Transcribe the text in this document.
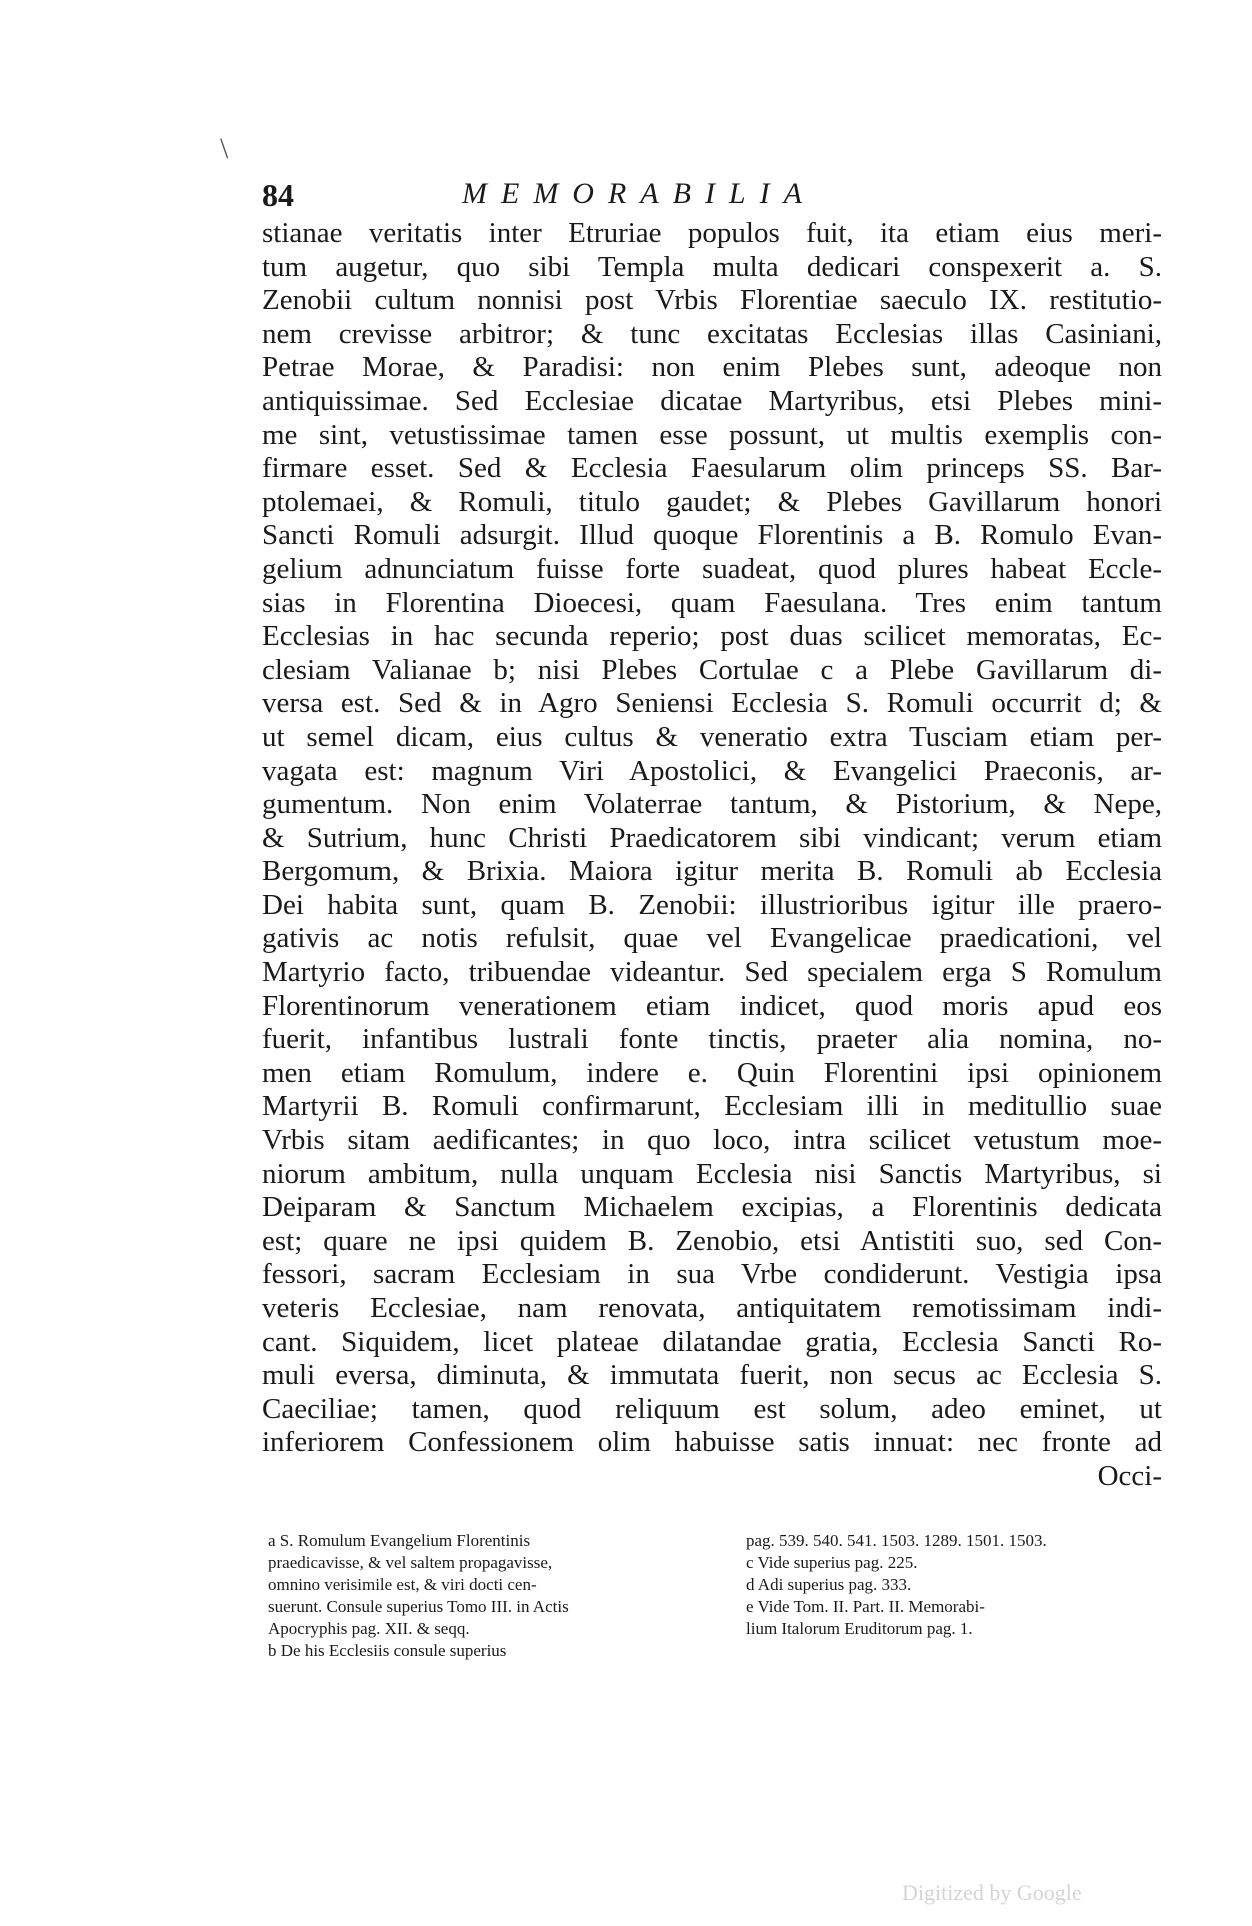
\
84	MEMORABILIA
stianae veritatis inter Etruriae populos fuit, ita etiam eius meri-
tum augetur, quo sibi Templa multa dedicari conspexerit a. S.
Zenobii cultum nonnisi post Vrbis Florentiae saeculo IX. restitutio-
nem crevisse arbitror; & tunc excitatas Ecclesias illas Casiniani,
Petrae Morae, & Paradisi: non enim Plebes sunt, adeoque non
antiquissimae. Sed Ecclesiae dicatae Martyribus, etsi Plebes mini-
me sint, vetustissimae tamen esse possunt, ut multis exemplis con-
firmare esset. Sed & Ecclesia Faesularum olim princeps SS. Bar-
ptolemaei, & Romuli, titulo gaudet; & Plebes Gavillarum honori
Sancti Romuli adsurgit. Illud quoque Florentinis a B. Romulo Evan-
gelium adnunciatum fuisse forte suadeat, quod plures habeat Eccle-
sias in Florentina Dioecesi, quam Faesulana. Tres enim tantum
Ecclesias in hac secunda reperio; post duas scilicet memoratas, Ec-
clesiam Valianae b; nisi Plebes Cortulae c a Plebe Gavillarum di-
versa est. Sed & in Agro Seniensi Ecclesia S. Romuli occurrit d; &
ut semel dicam, eius cultus & veneratio extra Tusciam etiam per-
vagata est: magnum Viri Apostolici, & Evangelici Praeconis, ar-
gumentum. Non enim Volaterrae tantum, & Pistorium, & Nepe,
& Sutrium, hunc Christi Praedicatorem sibi vindicant; verum etiam
Bergomum, & Brixia. Maiora igitur merita B. Romuli ab Ecclesia
Dei habita sunt, quam B. Zenobii: illustrioribus igitur ille praero-
gativis ac notis refulsit, quae vel Evangelicae praedicationi, vel
Martyrio facto, tribuendae videantur. Sed specialem erga S Romulum
Florentinorum venerationem etiam indicet, quod moris apud eos
fuerit, infantibus lustrali fonte tinctis, praeter alia nomina, no-
men etiam Romulum, indere e. Quin Florentini ipsi opinionem
Martyrii B. Romuli confirmarunt, Ecclesiam illi in meditullio suae
Vrbis sitam aedificantes; in quo loco, intra scilicet vetustum moe-
niorum ambitum, nulla unquam Ecclesia nisi Sanctis Martyribus, si
Deiparam & Sanctum Michaelem excipias, a Florentinis dedicata
est; quare ne ipsi quidem B. Zenobio, etsi Antistiti suo, sed Con-
fessori, sacram Ecclesiam in sua Vrbe condiderunt. Vestigia ipsa
veteris Ecclesiae, nam renovata, antiquitatem remotissimam indi-
cant. Siquidem, licet plateae dilatandae gratia, Ecclesia Sancti Ro-
muli eversa, diminuta, & immutata fuerit, non secus ac Ecclesia S.
Caeciliae; tamen, quod reliquum est solum, adeo eminet, ut
inferiorem Confessionem olim habuisse satis innuat: nec fronte ad
Occi-
a S. Romulum Evangelium Florentinis
praedicavisse, & vel saltem propagavisse,
omnino verisimile est, & viri docti cen-
suerunt. Consule superius Tomo III. in Actis
Apocryphis pag. XII. & seqq.
b De his Ecclesiis consule superius
pag. 539. 540. 541. 1503. 1289. 1501. 1503.
c Vide superius pag. 225.
d Adi superius pag. 333.
e Vide Tom. II. Part. II. Memorabi-
lium Italorum Eruditorum pag. 1.
Digitized by Google
